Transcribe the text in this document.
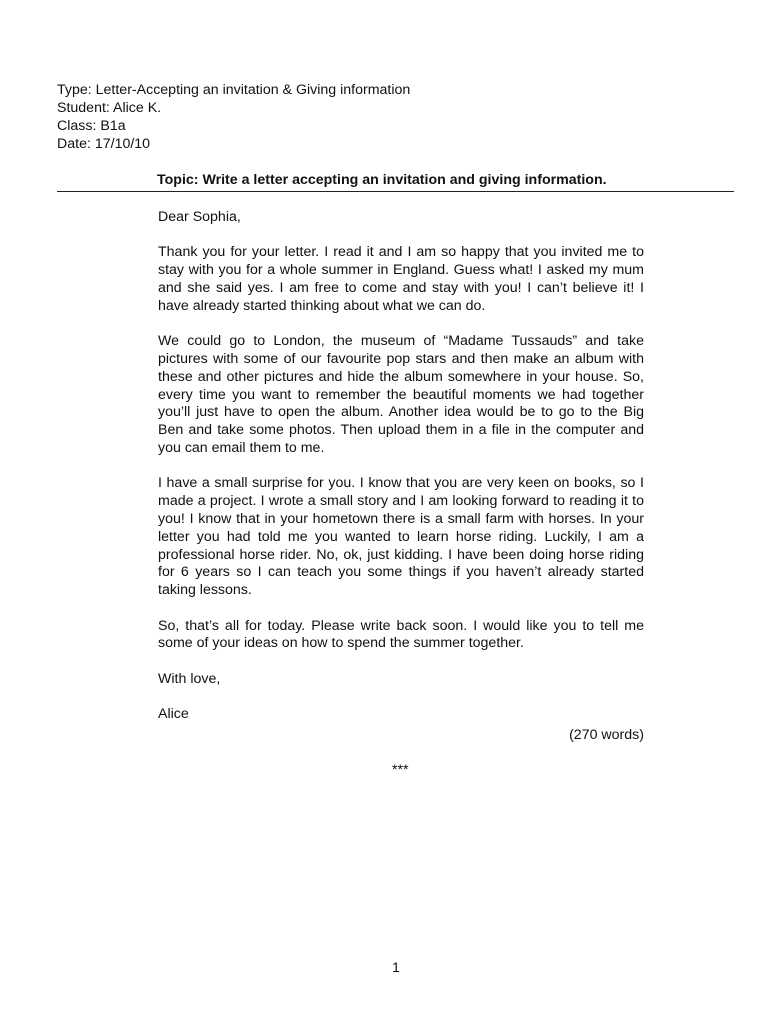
Type: Letter-Accepting an invitation & Giving information
Student: Alice K.
Class: B1a
Date: 17/10/10
Topic: Write a letter accepting an invitation and giving information.

Dear Sophia,

Thank you for your letter. I read it and I am so happy that you invited me to stay with you for a whole summer in England. Guess what! I asked my mum and she said yes. I am free to come and stay with you! I can’t believe it! I have already started thinking about what we can do.

We could go to London, the museum of “Madame Tussauds” and take pictures with some of our favourite pop stars and then make an album with these and other pictures and hide the album somewhere in your house. So, every time you want to remember the beautiful moments we had together you’ll just have to open the album. Another idea would be to go to the Big Ben and take some photos. Then upload them in a file in the computer and you can email them to me.

I have a small surprise for you. I know that you are very keen on books, so I made a project. I wrote a small story and I am looking forward to reading it to you! I know that in your hometown there is a small farm with horses. In your letter you had told me you wanted to learn horse riding. Luckily, I am a professional horse rider. No, ok, just kidding. I have been doing horse riding for 6 years so I can teach you some things if you haven’t already started taking lessons.

So, that’s all for today. Please write back soon. I would like you to tell me some of your ideas on how to spend the summer together.

With love,

Alice

(270 words)
***
1
